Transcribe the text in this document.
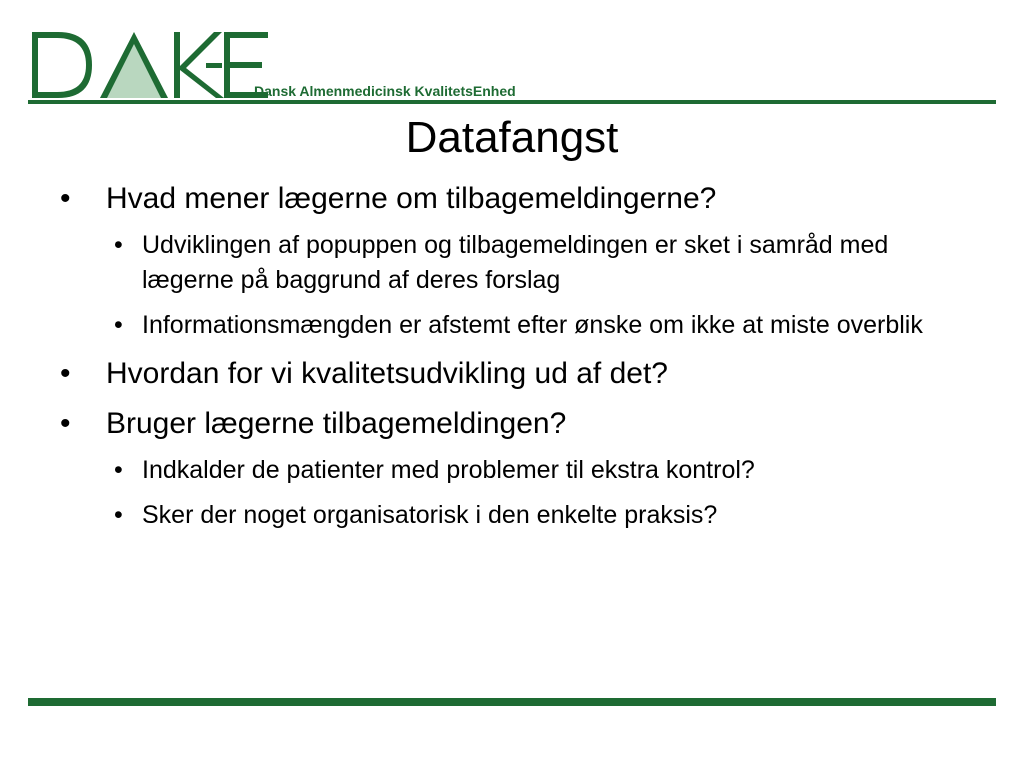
Dansk Almenmedicinsk KvalitetsEnhed
Datafangst
• Hvad mener lægerne om tilbagemeldingerne?
• Udviklingen af popuppen og tilbagemeldingen er sket i samråd med lægerne på baggrund af deres forslag
• Informationsmængden er afstemt efter ønske om ikke at miste overblik
• Hvordan for vi kvalitetsudvikling ud af det?
• Bruger lægerne tilbagemeldingen?
• Indkalder de patienter med problemer til ekstra kontrol?
• Sker der noget organisatorisk i den enkelte praksis?
